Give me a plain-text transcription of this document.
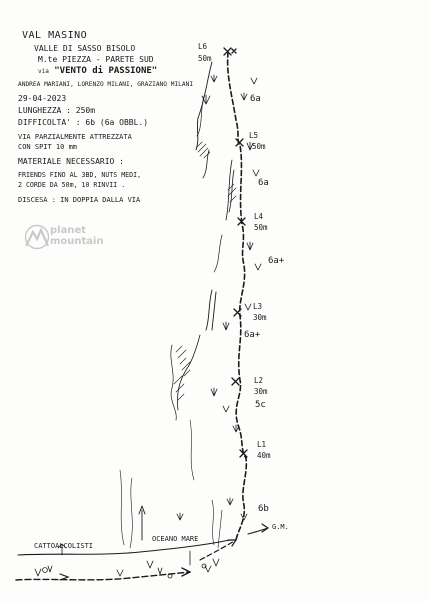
VAL MASINO
VALLE DI SASSO BISOLO
M.te PIEZZA - PARETE SUD
via "VENTO di PASSIONE"
ANDREA MARIANI, LORENZO MILANI, GRAZIANO MILANI
29-04-2023
LUNGHEZZA : 250m
DIFFICOLTA' : 6b (6a OBBL.)
VIA PARZIALMENTE ATTREZZATA
CON SPIT 10 mm
MATERIALE NECESSARIO :
FRIENDS FINO AL 3BD, NUTS MEDI,
2 CORDE DA 50m, 10 RINVII .
DISCESA : IN DOPPIA DALLA VIA
planet
mountain
L6
50m
L5
50m
L4
50m
L3
30m
L2
30m
L1
40m
6a
6a
6a+
6a+
5c
6b
CATTOALCOLISTI
OCEANO MARE
G.M.
